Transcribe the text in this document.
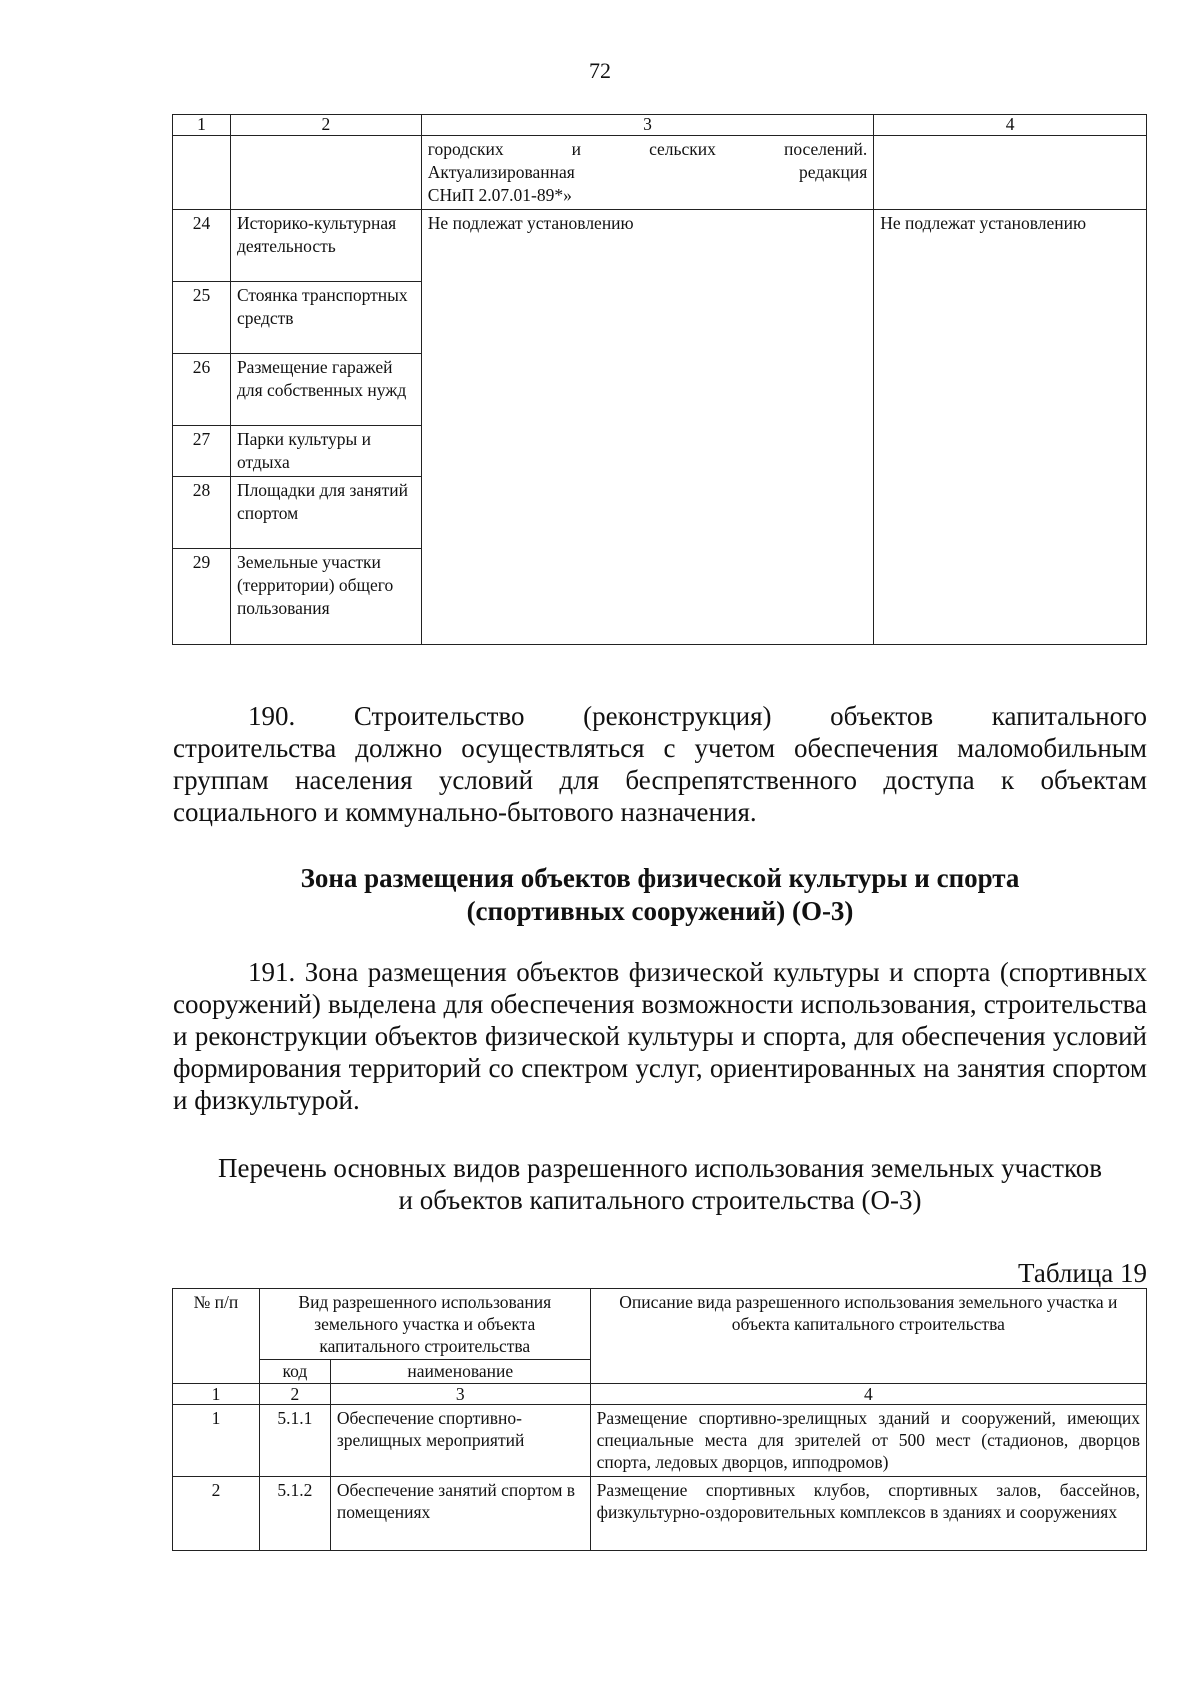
72
1	2	3	4

		городских и сельских поселений.
Актуализированная редакция
СНиП 2.07.01-89*»	
24	Историко-культурная деятельность	Не подлежат установлению	Не подлежат установлению
25	Стоянка транспортных средств		
26	Размещение гаражей для собственных нужд		
27	Парки культуры и отдыха		
28	Площадки для занятий спортом		
29	Земельные участки (территории) общего пользования		

190. Строительство (реконструкция) объектов капитального
строительства должно осуществляться с учетом обеспечения маломобильным группам населения условий для беспрепятственного доступа к объектам социального и коммунально-бытового назначения.

Зона размещения объектов физической культуры и спорта
(спортивных сооружений) (О-3)

191. Зона размещения объектов физической культуры и спорта (спортивных сооружений) выделена для обеспечения возможности использования, строительства и реконструкции объектов физической культуры и спорта, для обеспечения условий формирования территорий со спектром услуг, ориентированных на занятия спортом и физкультурой.

Перечень основных видов разрешенного использования земельных участков
и объектов капитального строительства (О-3)
Таблица 19
№ п/п	Вид разрешенного использования земельного участка и объекта капитального строительства		Описание вида разрешенного использования земельного участка и объекта капитального строительства
	код	наименование	
1	2	3	4
1	5.1.1	Обеспечение спортивно-зрелищных мероприятий	Размещение спортивно-зрелищных зданий и сооружений, имеющих специальные места для зрителей от 500 мест (стадионов, дворцов спорта, ледовых дворцов, ипподромов)
2	5.1.2	Обеспечение занятий спортом в помещениях	Размещение спортивных клубов, спортивных залов, бассейнов, физкультурно-оздоровительных комплексов в зданиях и сооружениях
